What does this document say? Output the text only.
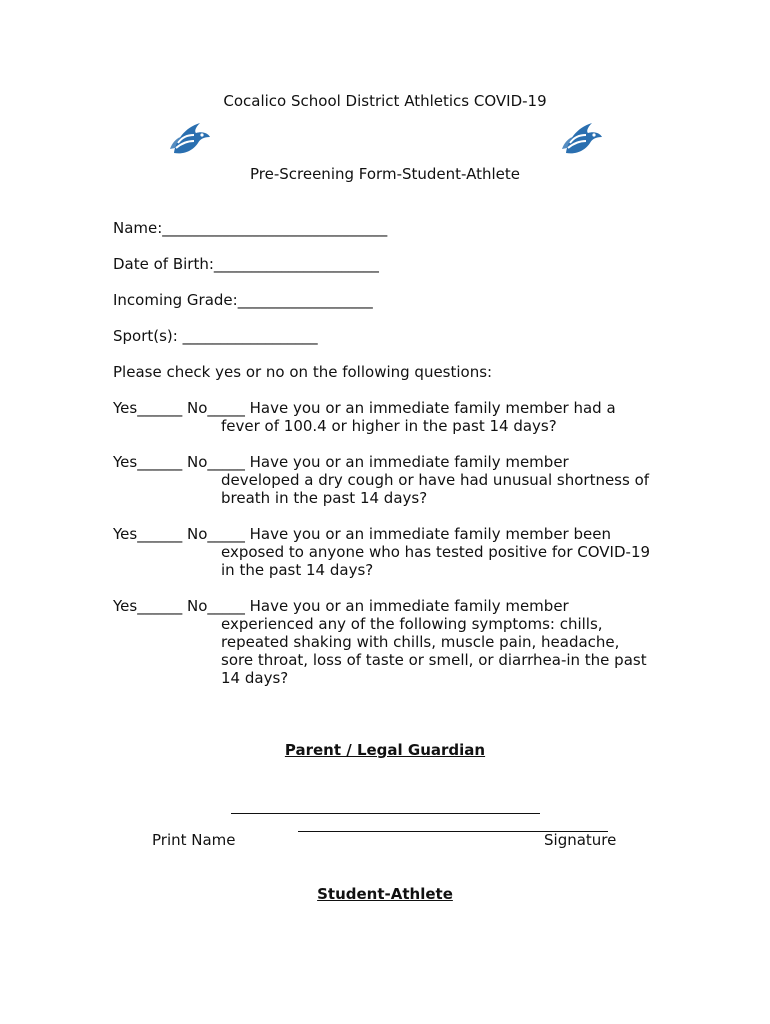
Cocalico School District Athletics COVID-19
Pre-Screening Form-Student-Athlete
Name:______________________________
Date of Birth:______________________
Incoming Grade:__________________
Sport(s): __________________
Please check yes or no on the following questions:
Yes______ No_____ Have you or an immediate family member had a
fever of 100.4 or higher in the past 14 days?
Yes______ No_____ Have you or an immediate family member
developed a dry cough or have had unusual shortness of
breath in the past 14 days?
Yes______ No_____ Have you or an immediate family member been
exposed to anyone who has tested positive for COVID-19
in the past 14 days?
Yes______ No_____ Have you or an immediate family member
experienced any of the following symptoms: chills,
repeated shaking with chills, muscle pain, headache,
sore throat, loss of taste or smell, or diarrhea-in the past
14 days?
Parent / Legal Guardian
Print Name	Signature
Student-Athlete
